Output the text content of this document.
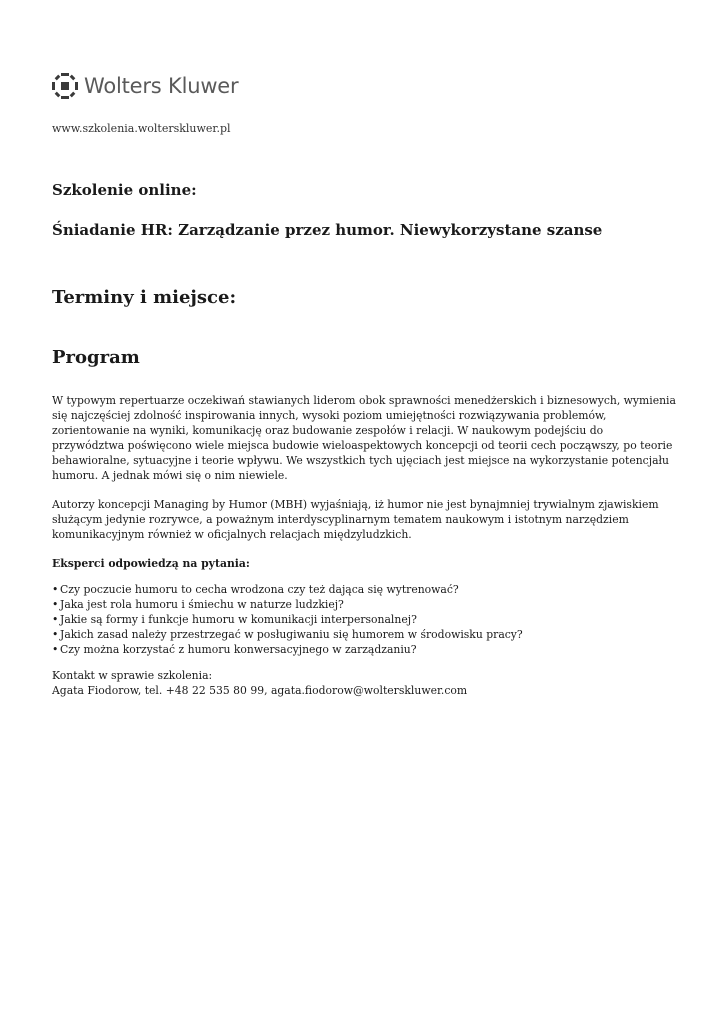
Wolters Kluwer
www.szkolenia.wolterskluwer.pl
Szkolenie online:
Śniadanie HR: Zarządzanie przez humor. Niewykorzystane szanse
Terminy i miejsce:
Program

W typowym repertuarze oczekiwań stawianych liderom obok sprawności menedżerskich i biznesowych, wymienia się najczęściej zdolność inspirowania innych, wysoki poziom umiejętności rozwiązywania problemów, zorientowanie na wyniki, komunikację oraz budowanie zespołów i relacji. W naukowym podejściu do przywództwa poświęcono wiele miejsca budowie wieloaspektowych koncepcji od teorii cech począwszy, po teorie behawioralne, sytuacyjne i teorie wpływu. We wszystkich tych ujęciach jest miejsce na wykorzystanie potencjału humoru. A jednak mówi się o nim niewiele.

Autorzy koncepcji Managing by Humor (MBH) wyjaśniają, iż humor nie jest bynajmniej trywialnym zjawiskiem służącym jedynie rozrywce, a poważnym interdyscyplinarnym tematem naukowym i istotnym narzędziem komunikacyjnym również w oficjalnych relacjach międzyludzkich.

Eksperci odpowiedzą na pytania:

• Czy poczucie humoru to cecha wrodzona czy też dająca się wytrenować?
• Jaka jest rola humoru i śmiechu w naturze ludzkiej?
• Jakie są formy i funkcje humoru w komunikacji interpersonalnej?
• Jakich zasad należy przestrzegać w posługiwaniu się humorem w środowisku pracy?
• Czy można korzystać z humoru konwersacyjnego w zarządzaniu?

Kontakt w sprawie szkolenia:
Agata Fiodorow, tel. +48 22 535 80 99, agata.fiodorow@wolterskluwer.com
